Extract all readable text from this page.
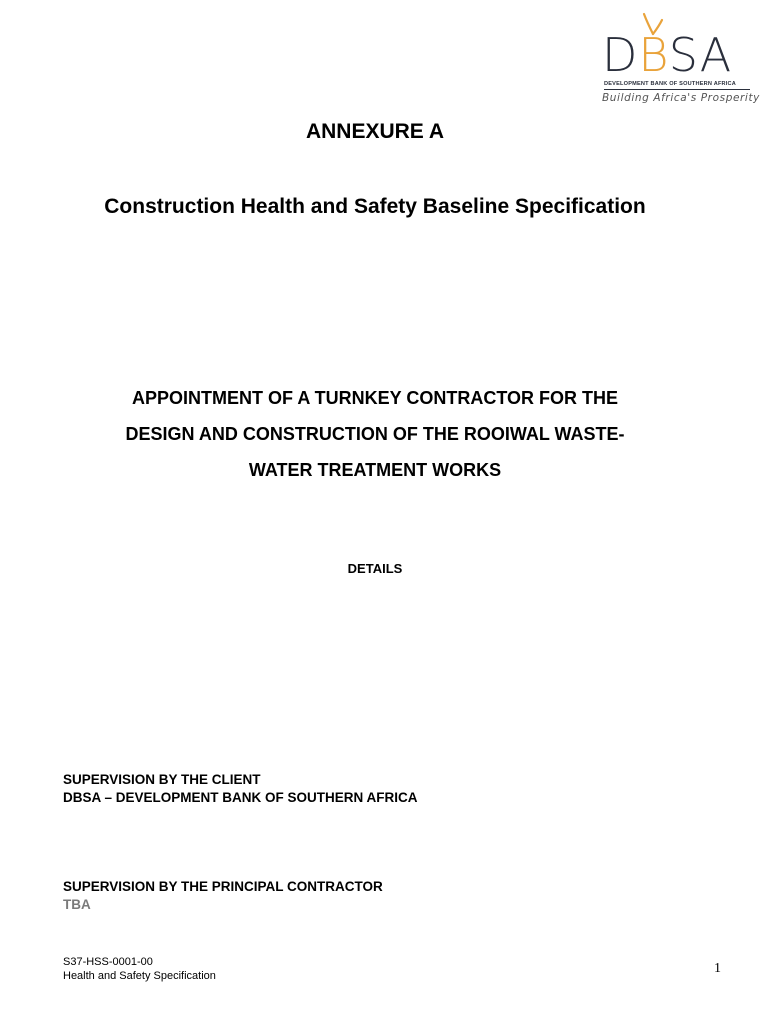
DBSA
DEVELOPMENT BANK OF SOUTHERN AFRICA
Building Africa's Prosperity
ANNEXURE A
Construction Health and Safety Baseline Specification
APPOINTMENT OF A TURNKEY CONTRACTOR FOR THE
DESIGN AND CONSTRUCTION OF THE ROOIWAL WASTE-
WATER TREATMENT WORKS
DETAILS
SUPERVISION BY THE CLIENT
DBSA – DEVELOPMENT BANK OF SOUTHERN AFRICA
SUPERVISION BY THE PRINCIPAL CONTRACTOR
TBA
S37-HSS-0001-00
Health and Safety Specification	1
